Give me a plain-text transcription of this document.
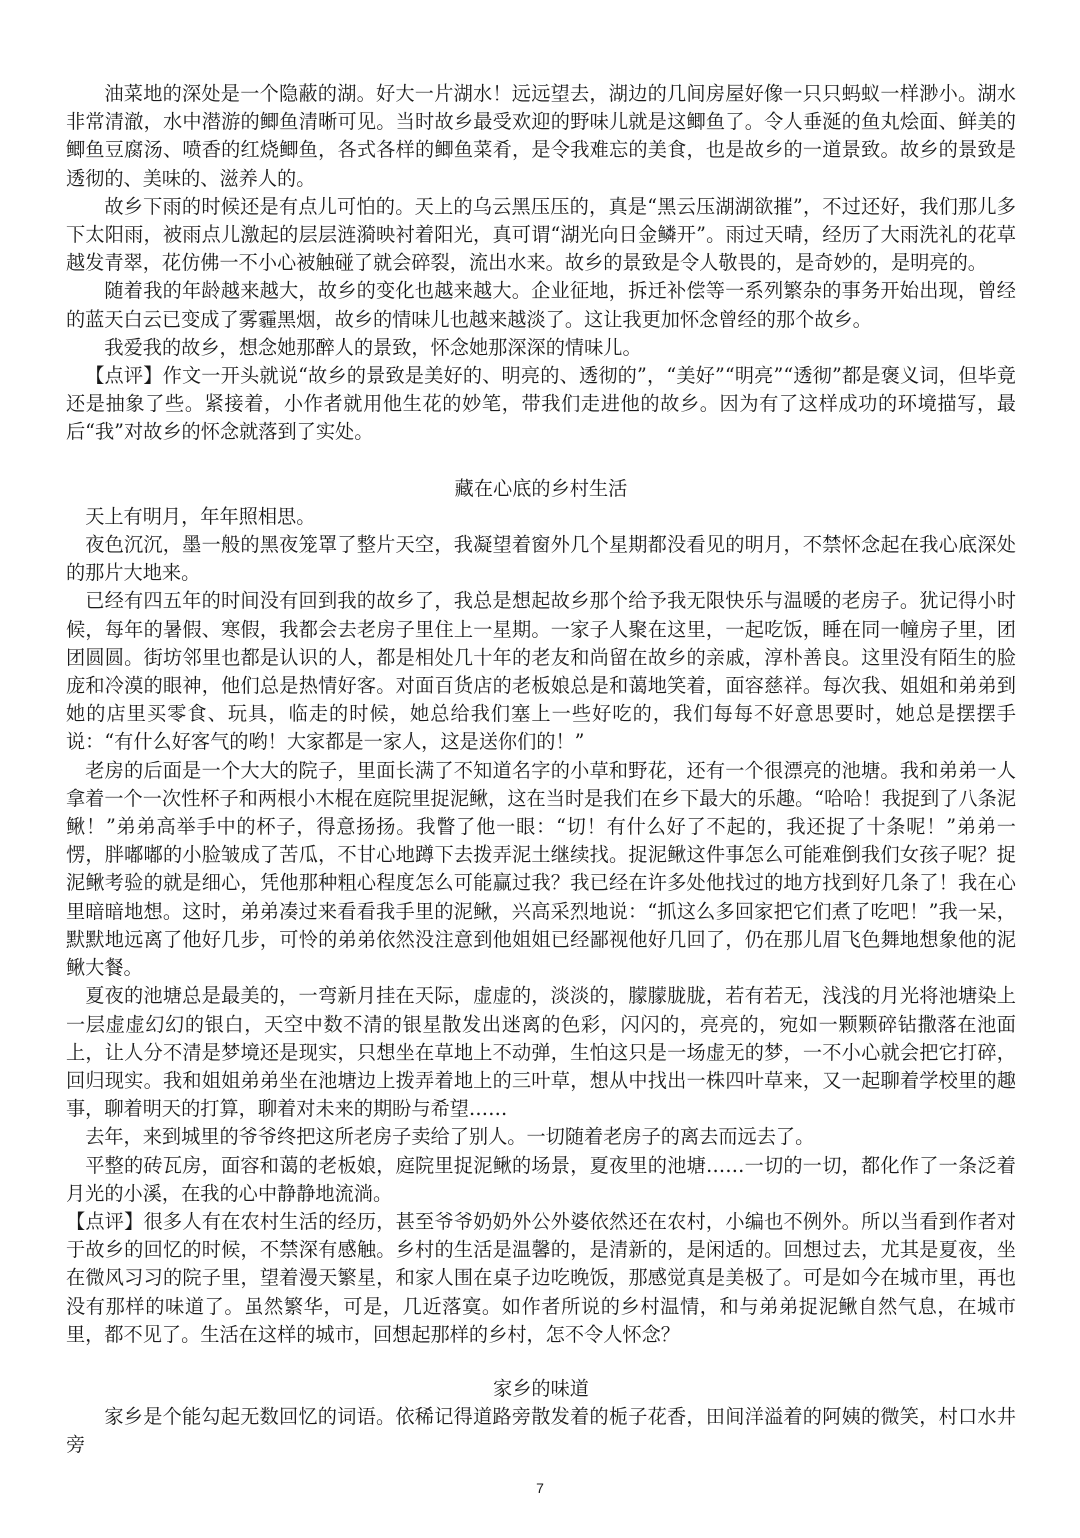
油菜地的深处是一个隐蔽的湖。好大一片湖水！远远望去，湖边的几间房屋好像一只只蚂蚁一样渺小。湖水非常清澈，水中潜游的鲫鱼清晰可见。当时故乡最受欢迎的野味儿就是这鲫鱼了。令人垂涎的鱼丸烩面、鲜美的鲫鱼豆腐汤、喷香的红烧鲫鱼，各式各样的鲫鱼菜肴，是令我难忘的美食，也是故乡的一道景致。故乡的景致是透彻的、美味的、滋养人的。

故乡下雨的时候还是有点儿可怕的。天上的乌云黑压压的，真是“黑云压湖湖欲摧”，不过还好，我们那儿多下太阳雨，被雨点儿激起的层层涟漪映衬着阳光，真可谓“湖光向日金鳞开”。雨过天晴，经历了大雨洗礼的花草越发青翠，花仿佛一不小心被触碰了就会碎裂，流出水来。故乡的景致是令人敬畏的，是奇妙的，是明亮的。

随着我的年龄越来越大，故乡的变化也越来越大。企业征地，拆迁补偿等一系列繁杂的事务开始出现，曾经的蓝天白云已变成了雾霾黑烟，故乡的情味儿也越来越淡了。这让我更加怀念曾经的那个故乡。

我爱我的故乡，想念她那醉人的景致，怀念她那深深的情味儿。

【点评】作文一开头就说“故乡的景致是美好的、明亮的、透彻的”，“美好”“明亮”“透彻”都是褒义词，但毕竟还是抽象了些。紧接着，小作者就用他生花的妙笔，带我们走进他的故乡。因为有了这样成功的环境描写，最后“我”对故乡的怀念就落到了实处。

藏在心底的乡村生活

天上有明月，年年照相思。

夜色沉沉，墨一般的黑夜笼罩了整片天空，我凝望着窗外几个星期都没看见的明月，不禁怀念起在我心底深处的那片大地来。

已经有四五年的时间没有回到我的故乡了，我总是想起故乡那个给予我无限快乐与温暖的老房子。犹记得小时候，每年的暑假、寒假，我都会去老房子里住上一星期。一家子人聚在这里，一起吃饭，睡在同一幢房子里，团团圆圆。街坊邻里也都是认识的人，都是相处几十年的老友和尚留在故乡的亲戚，淳朴善良。这里没有陌生的脸庞和冷漠的眼神，他们总是热情好客。对面百货店的老板娘总是和蔼地笑着，面容慈祥。每次我、姐姐和弟弟到她的店里买零食、玩具，临走的时候，她总给我们塞上一些好吃的，我们每每不好意思要时，她总是摆摆手说：“有什么好客气的哟！大家都是一家人，这是送你们的！”

老房的后面是一个大大的院子，里面长满了不知道名字的小草和野花，还有一个很漂亮的池塘。我和弟弟一人拿着一个一次性杯子和两根小木棍在庭院里捉泥鳅，这在当时是我们在乡下最大的乐趣。“哈哈！我捉到了八条泥鳅！”弟弟高举手中的杯子，得意扬扬。我瞥了他一眼：“切！有什么好了不起的，我还捉了十条呢！”弟弟一愣，胖嘟嘟的小脸皱成了苦瓜，不甘心地蹲下去拨弄泥土继续找。捉泥鳅这件事怎么可能难倒我们女孩子呢？捉泥鳅考验的就是细心，凭他那种粗心程度怎么可能赢过我？我已经在许多处他找过的地方找到好几条了！我在心里暗暗地想。这时，弟弟凑过来看看我手里的泥鳅，兴高采烈地说：“抓这么多回家把它们煮了吃吧！”我一呆，默默地远离了他好几步，可怜的弟弟依然没注意到他姐姐已经鄙视他好几回了，仍在那儿眉飞色舞地想象他的泥鳅大餐。

夏夜的池塘总是最美的，一弯新月挂在天际，虚虚的，淡淡的，朦朦胧胧，若有若无，浅浅的月光将池塘染上一层虚虚幻幻的银白，天空中数不清的银星散发出迷离的色彩，闪闪的，亮亮的，宛如一颗颗碎钻撒落在池面上，让人分不清是梦境还是现实，只想坐在草地上不动弹，生怕这只是一场虚无的梦，一不小心就会把它打碎，回归现实。我和姐姐弟弟坐在池塘边上拨弄着地上的三叶草，想从中找出一株四叶草来，又一起聊着学校里的趣事，聊着明天的打算，聊着对未来的期盼与希望……

去年，来到城里的爷爷终把这所老房子卖给了别人。一切随着老房子的离去而远去了。

平整的砖瓦房，面容和蔼的老板娘，庭院里捉泥鳅的场景，夏夜里的池塘……一切的一切，都化作了一条泛着月光的小溪，在我的心中静静地流淌。

【点评】很多人有在农村生活的经历，甚至爷爷奶奶外公外婆依然还在农村，小编也不例外。所以当看到作者对于故乡的回忆的时候，不禁深有感触。乡村的生活是温馨的，是清新的，是闲适的。回想过去，尤其是夏夜，坐在微风习习的院子里，望着漫天繁星，和家人围在桌子边吃晚饭，那感觉真是美极了。可是如今在城市里，再也没有那样的味道了。虽然繁华，可是，几近落寞。如作者所说的乡村温情，和与弟弟捉泥鳅自然气息，在城市里，都不见了。生活在这样的城市，回想起那样的乡村，怎不令人怀念？

家乡的味道

家乡是个能勾起无数回忆的词语。依稀记得道路旁散发着的栀子花香，田间洋溢着的阿姨的微笑，村口水井旁

7
